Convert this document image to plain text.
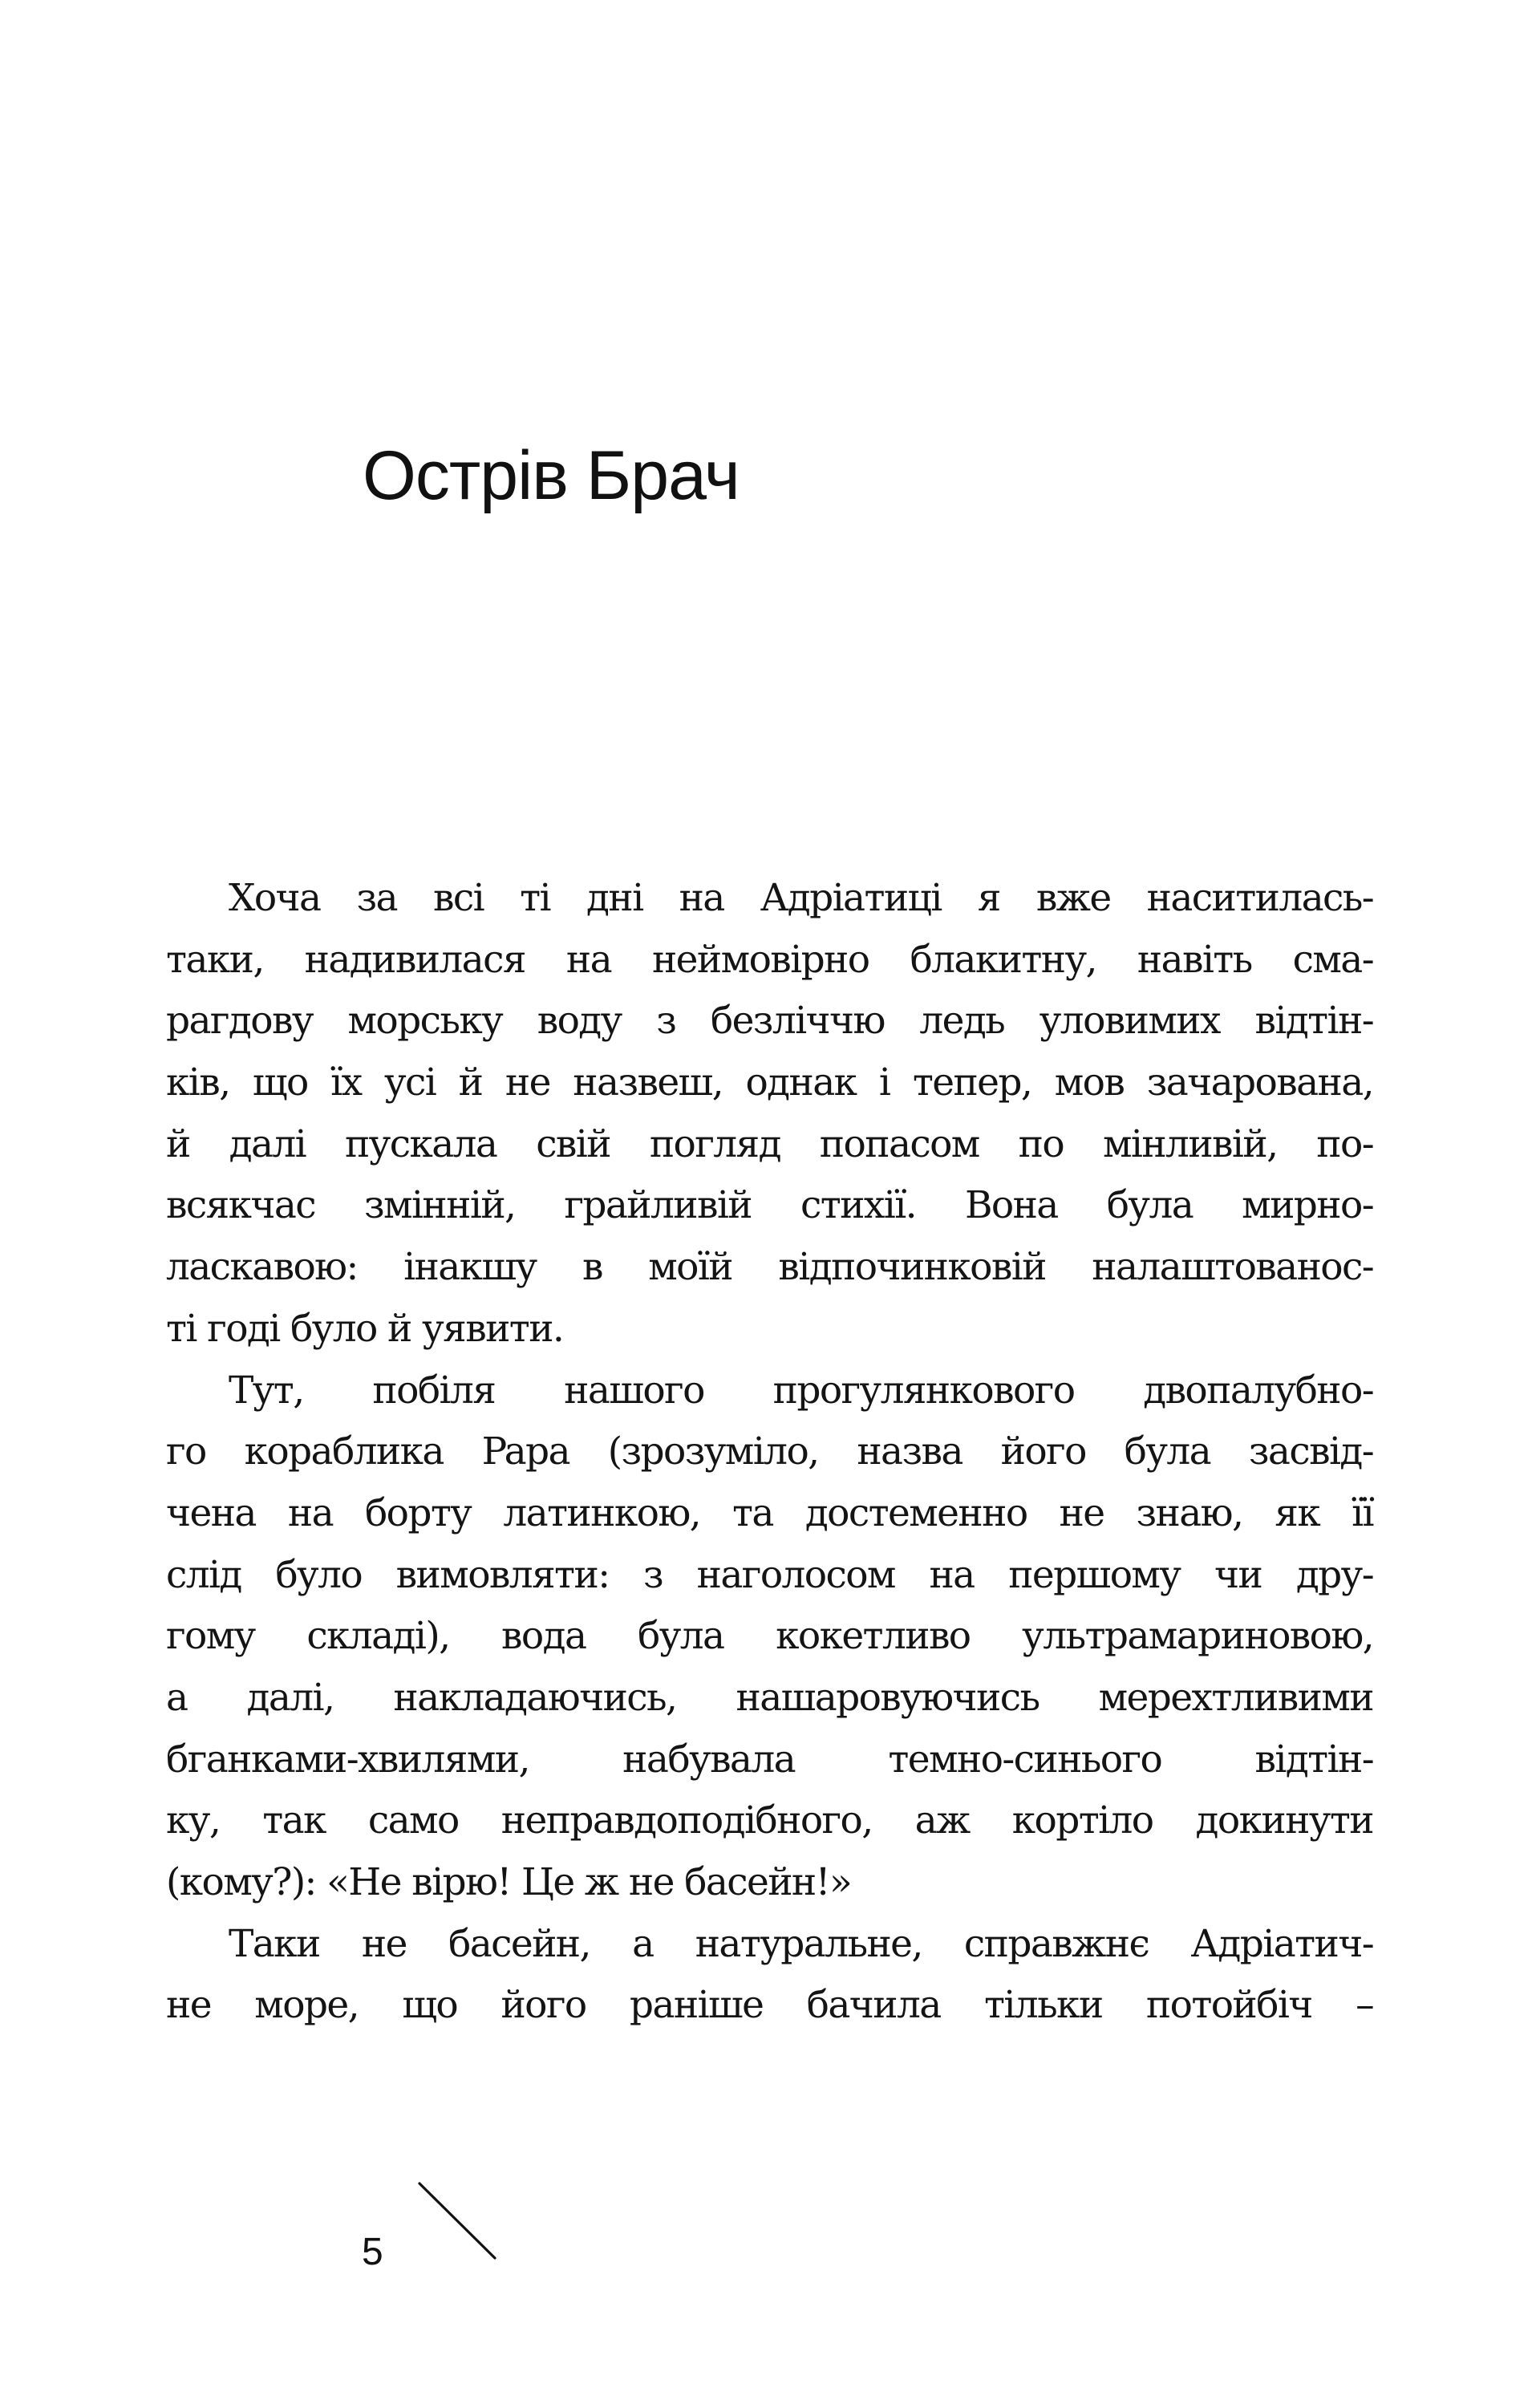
Острів Брач
Хоча за всі ті дні на Адріатиці я вже наситилась-
таки, надивилася на неймовірно блакитну, навіть сма-
рагдову морську воду з безліччю ледь уловимих відтін-
ків, що їх усі й не назвеш, однак і тепер, мов зачарована,
й далі пускала свій погляд попасом по мінливій, по-
всякчас змінній, грайливій стихії. Вона була мирно-
ласкавою: інакшу в моїй відпочинковій налаштованос-
ті годі було й уявити.
Тут, побіля нашого прогулянкового двопалубно-
го кораблика Papa (зрозуміло, назва його була засвід-
чена на борту латинкою, та достеменно не знаю, як її
слід було вимовляти: з наголосом на першому чи дру-
гому складі), вода була кокетливо ультрамариновою,
а далі, накладаючись, нашаровуючись мерехтливими
бганками-хвилями, набувала темно-синього відтін-
ку, так само неправдоподібного, аж кортіло докинути
(кому?): «Не вірю! Це ж не басейн!»
Таки не басейн, а натуральне, справжнє Адріатич-
не море, що його раніше бачила тільки потойбіч –
5
